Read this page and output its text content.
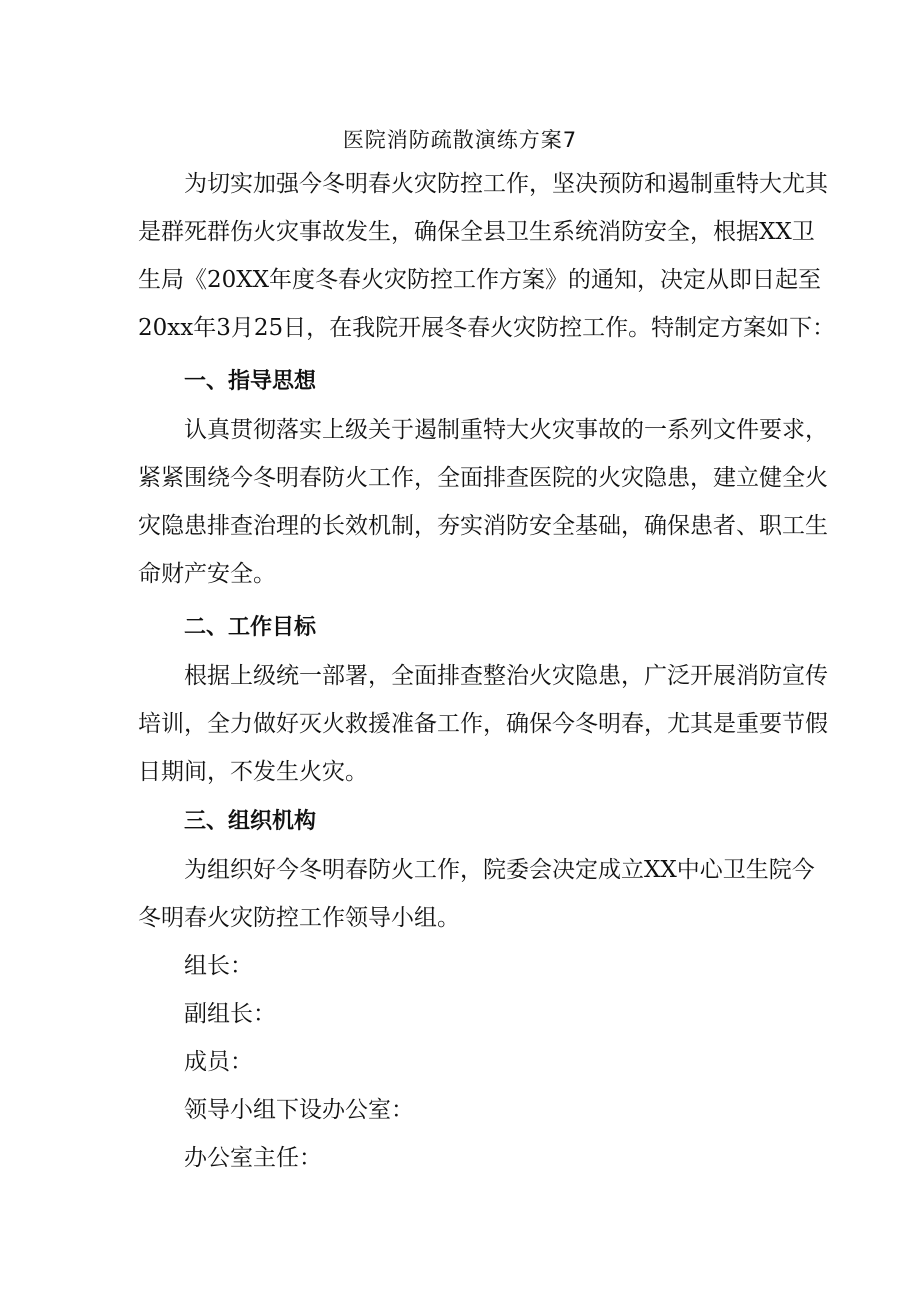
医院消防疏散演练方案7
为切实加强今冬明春火灾防控工作，坚决预防和遏制重特大尤其
是群死群伤火灾事故发生，确保全县卫生系统消防安全，根据XX卫
生局《20XX年度冬春火灾防控工作方案》的通知，决定从即日起至
20xx年3月25日，在我院开展冬春火灾防控工作。特制定方案如下：
一、指导思想
认真贯彻落实上级关于遏制重特大火灾事故的一系列文件要求，
紧紧围绕今冬明春防火工作，全面排查医院的火灾隐患，建立健全火
灾隐患排查治理的长效机制，夯实消防安全基础，确保患者、职工生
命财产安全。
二、工作目标
根据上级统一部署，全面排查整治火灾隐患，广泛开展消防宣传
培训，全力做好灭火救援准备工作，确保今冬明春，尤其是重要节假
日期间，不发生火灾。
三、组织机构
为组织好今冬明春防火工作，院委会决定成立XX中心卫生院今
冬明春火灾防控工作领导小组。
组长：
副组长：
成员：
领导小组下设办公室：
办公室主任：
